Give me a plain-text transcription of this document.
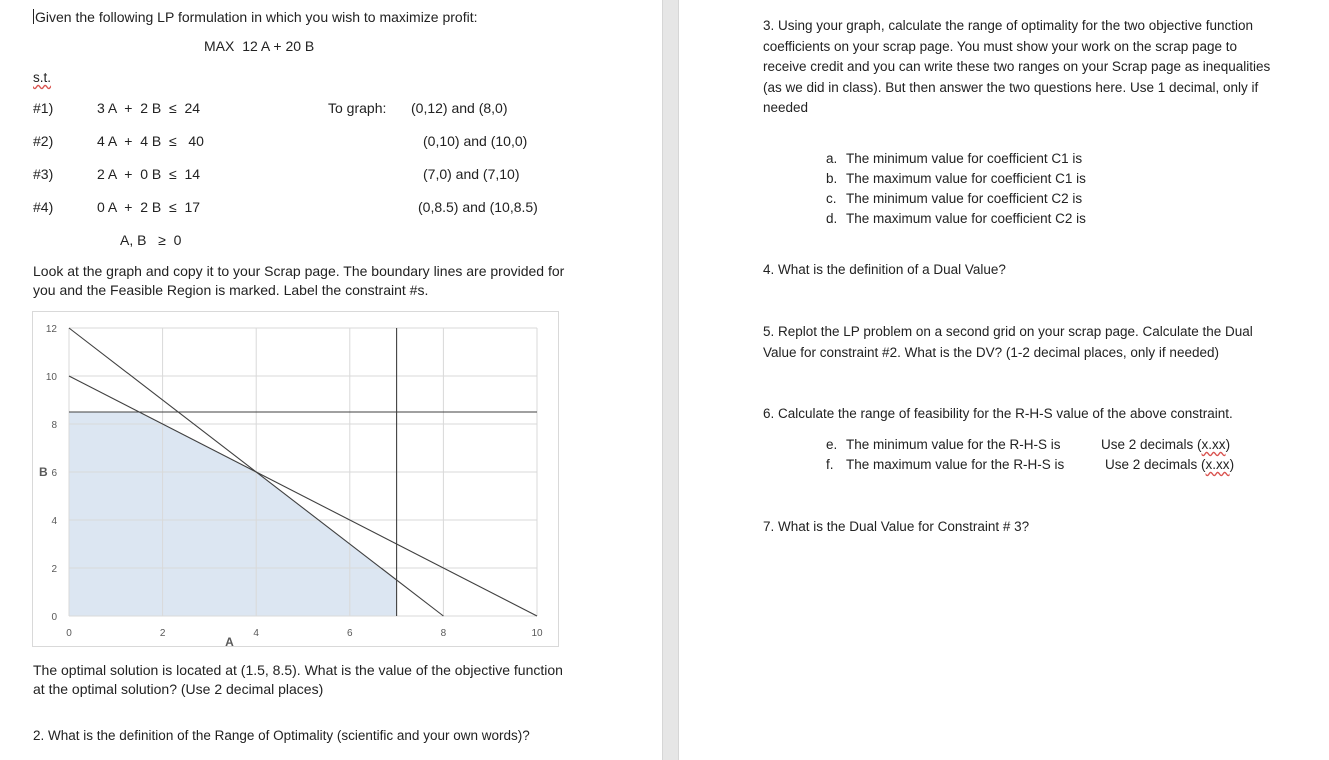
Given the following LP formulation in which you wish to maximize profit:
MAX 12 A + 20 B
s.t.
#1)	3 A  +  2 B  ≤  24	To graph: (0,12) and (8,0)
#2)	4 A  +  4 B  ≤   40	(0,10) and (10,0)
#3)	2 A  +  0 B  ≤  14	(7,0) and (7,10)
#4)	0 A  +  2 B  ≤  17	(0,8.5) and (10,8.5)
A, B   ≥  0
Look at the graph and copy it to your Scrap page. The boundary lines are provided for
you and the Feasible Region is marked. Label the constraint #s.
0	2	4	6	8	10
0
2
4
6
8
10
12
A
B
The optimal solution is located at (1.5, 8.5). What is the value of the objective function
at the optimal solution? (Use 2 decimal places)
2. What is the definition of the Range of Optimality (scientific and your own words)?
3. Using your graph, calculate the range of optimality for the two objective function
coefficients on your scrap page. You must show your work on the scrap page to
receive credit and you can write these two ranges on your Scrap page as inequalities
(as we did in class). But then answer the two questions here. Use 1 decimal, only if
needed
a. The minimum value for coefficient C1 is
b. The maximum value for coefficient C1 is
c. The minimum value for coefficient C2 is
d. The maximum value for coefficient C2 is
4. What is the definition of a Dual Value?
5. Replot the LP problem on a second grid on your scrap page. Calculate the Dual
Value for constraint #2. What is the DV? (1-2 decimal places, only if needed)
6. Calculate the range of feasibility for the R-H-S value of the above constraint.
e. The minimum value for the R-H-S is	Use 2 decimals (x.xx)
f. The maximum value for the R-H-S is	Use 2 decimals (x.xx)
7. What is the Dual Value for Constraint # 3?
